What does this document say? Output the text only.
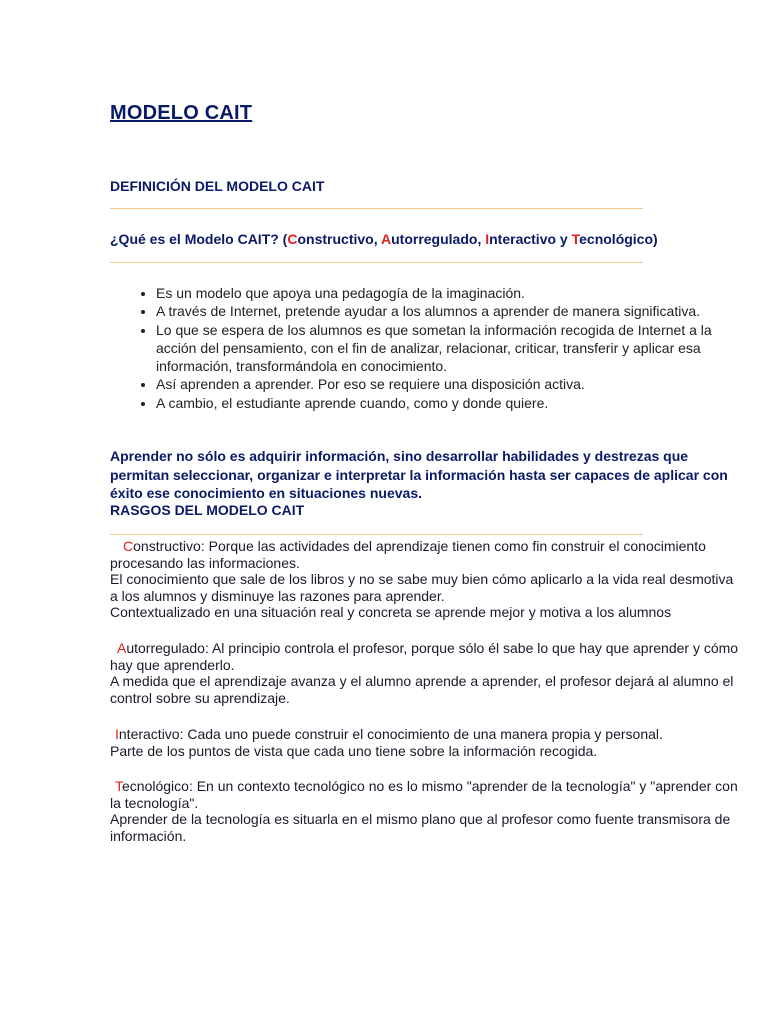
MODELO CAIT
DEFINICIÓN DEL MODELO CAIT

¿Qué es el Modelo CAIT? (Constructivo, Autorregulado, Interactivo y Tecnológico)

• Es un modelo que apoya una pedagogía de la imaginación.
• A través de Internet, pretende ayudar a los alumnos a aprender de manera significativa.
• Lo que se espera de los alumnos es que sometan la información recogida de Internet a la acción del pensamiento, con el fin de analizar, relacionar, criticar, transferir y aplicar esa información, transformándola en conocimiento.
• Así aprenden a aprender. Por eso se requiere una disposición activa.
• A cambio, el estudiante aprende cuando, como y donde quiere.

Aprender no sólo es adquirir información, sino desarrollar habilidades y destrezas que permitan seleccionar, organizar e interpretar la información hasta ser capaces de aplicar con éxito ese conocimiento en situaciones nuevas.

RASGOS DEL MODELO CAIT
Constructivo: Porque las actividades del aprendizaje tienen como fin construir el conocimiento procesando las informaciones.
El conocimiento que sale de los libros y no se sabe muy bien cómo aplicarlo a la vida real desmotiva a los alumnos y disminuye las razones para aprender.
Contextualizado en una situación real y concreta se aprende mejor y motiva a los alumnos
Autorregulado: Al principio controla el profesor, porque sólo él sabe lo que hay que aprender y cómo hay que aprenderlo.
A medida que el aprendizaje avanza y el alumno aprende a aprender, el profesor dejará al alumno el control sobre su aprendizaje.
Interactivo: Cada uno puede construir el conocimiento de una manera propia y personal.
Parte de los puntos de vista que cada uno tiene sobre la información recogida.
Tecnológico: En un contexto tecnológico no es lo mismo "aprender de la tecnología" y "aprender con la tecnología".
Aprender de la tecnología es situarla en el mismo plano que al profesor como fuente transmisora de información.
